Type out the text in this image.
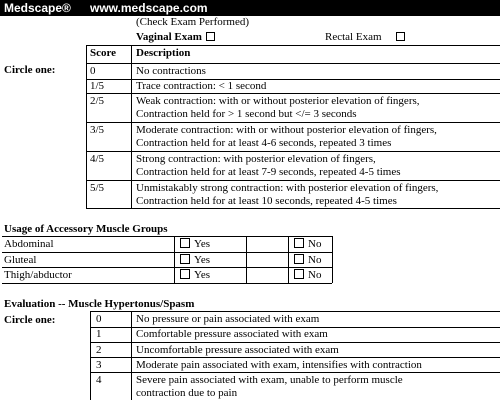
Medscape® www.medscape.com
(Check Exam Performed)
Vaginal Exam	Rectal Exam
Circle one:
Score Description
0	No contractions
1/5	Trace contraction: < 1 second
2/5	Weak contraction: with or without posterior elevation of fingers,
Contraction held for > 1 second but </= 3 seconds
3/5	Moderate contraction: with or without posterior elevation of fingers,
Contraction held for at least 4-6 seconds, repeated 3 times
4/5	Strong contraction: with posterior elevation of fingers,
Contraction held for at least 7-9 seconds, repeated 4-5 times
5/5	Unmistakably strong contraction: with posterior elevation of fingers,
Contraction held for at least 10 seconds, repeated 4-5 times
Usage of Accessory Muscle Groups
Abdominal	Yes	No
Gluteal	Yes	No
Thigh/abductor	Yes	No
Evaluation -- Muscle Hypertonus/Spasm
Circle one:	0	No pressure or pain associated with exam
1	Comfortable pressure associated with exam
2	Uncomfortable pressure associated with exam
3	Moderate pain associated with exam, intensifies with contraction
4	Severe pain associated with exam, unable to perform muscle
contraction due to pain
